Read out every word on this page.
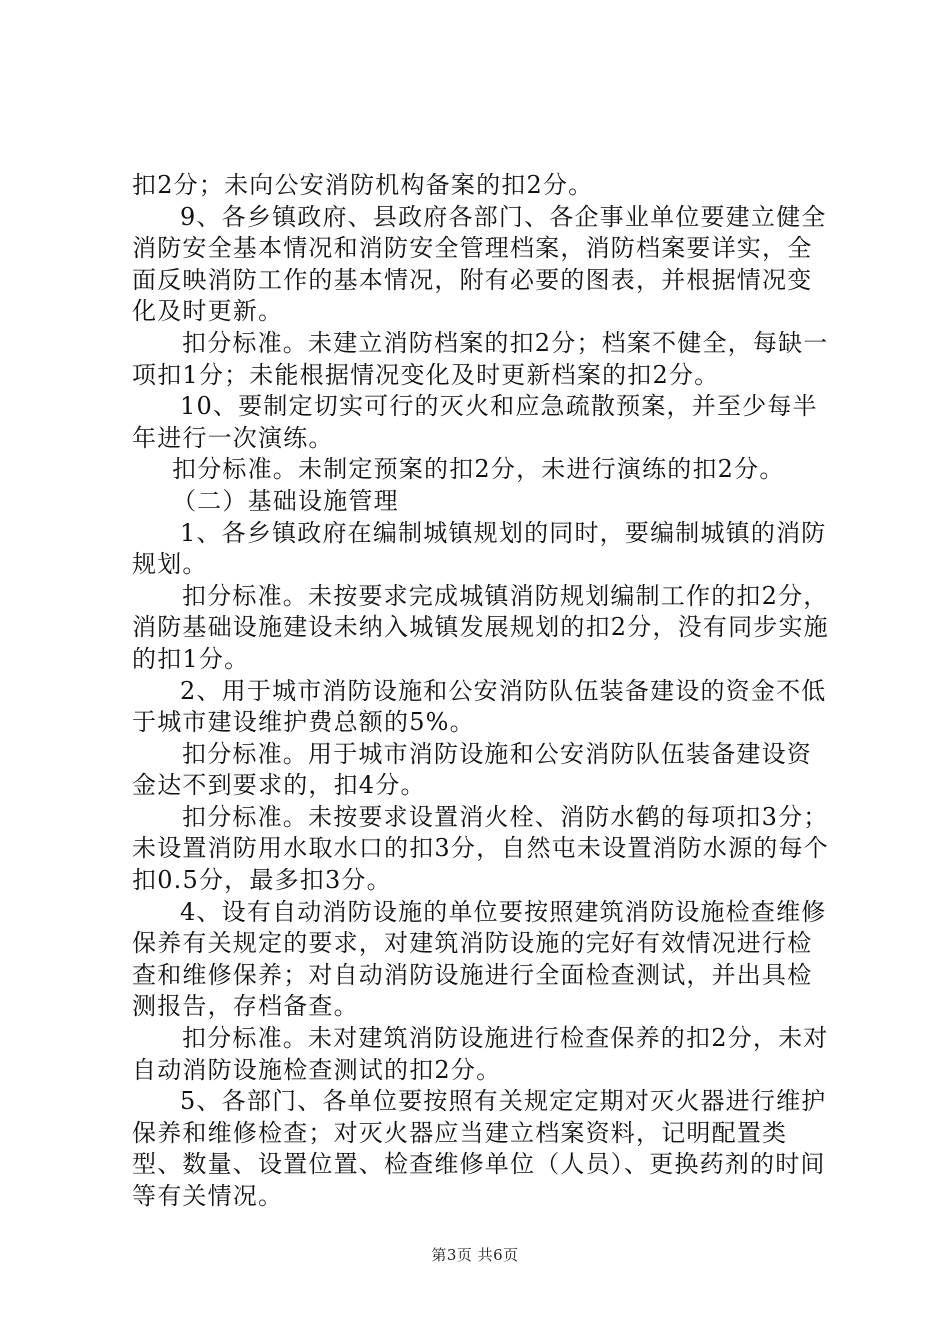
扣2分；未向公安消防机构备案的扣2分。

9、各乡镇政府、县政府各部门、各企事业单位要建立健全消防安全基本情况和消防安全管理档案，消防档案要详实，全面反映消防工作的基本情况，附有必要的图表，并根据情况变化及时更新。

扣分标准。未建立消防档案的扣2分；档案不健全，每缺一项扣1分；未能根据情况变化及时更新档案的扣2分。

10、要制定切实可行的灭火和应急疏散预案，并至少每半年进行一次演练。

扣分标准。未制定预案的扣2分，未进行演练的扣2分。

（二）基础设施管理

1、各乡镇政府在编制城镇规划的同时，要编制城镇的消防规划。

扣分标准。未按要求完成城镇消防规划编制工作的扣2分，消防基础设施建设未纳入城镇发展规划的扣2分，没有同步实施的扣1分。

2、用于城市消防设施和公安消防队伍装备建设的资金不低于城市建设维护费总额的5%。

扣分标准。用于城市消防设施和公安消防队伍装备建设资金达不到要求的，扣4分。

扣分标准。未按要求设置消火栓、消防水鹤的每项扣3分；未设置消防用水取水口的扣3分，自然屯未设置消防水源的每个扣0.5分，最多扣3分。

4、设有自动消防设施的单位要按照建筑消防设施检查维修保养有关规定的要求，对建筑消防设施的完好有效情况进行检查和维修保养；对自动消防设施进行全面检查测试，并出具检测报告，存档备查。

扣分标准。未对建筑消防设施进行检查保养的扣2分，未对自动消防设施检查测试的扣2分。

5、各部门、各单位要按照有关规定定期对灭火器进行维护保养和维修检查；对灭火器应当建立档案资料，记明配置类型、数量、设置位置、检查维修单位（人员）、更换药剂的时间等有关情况。

第3页 共6页
